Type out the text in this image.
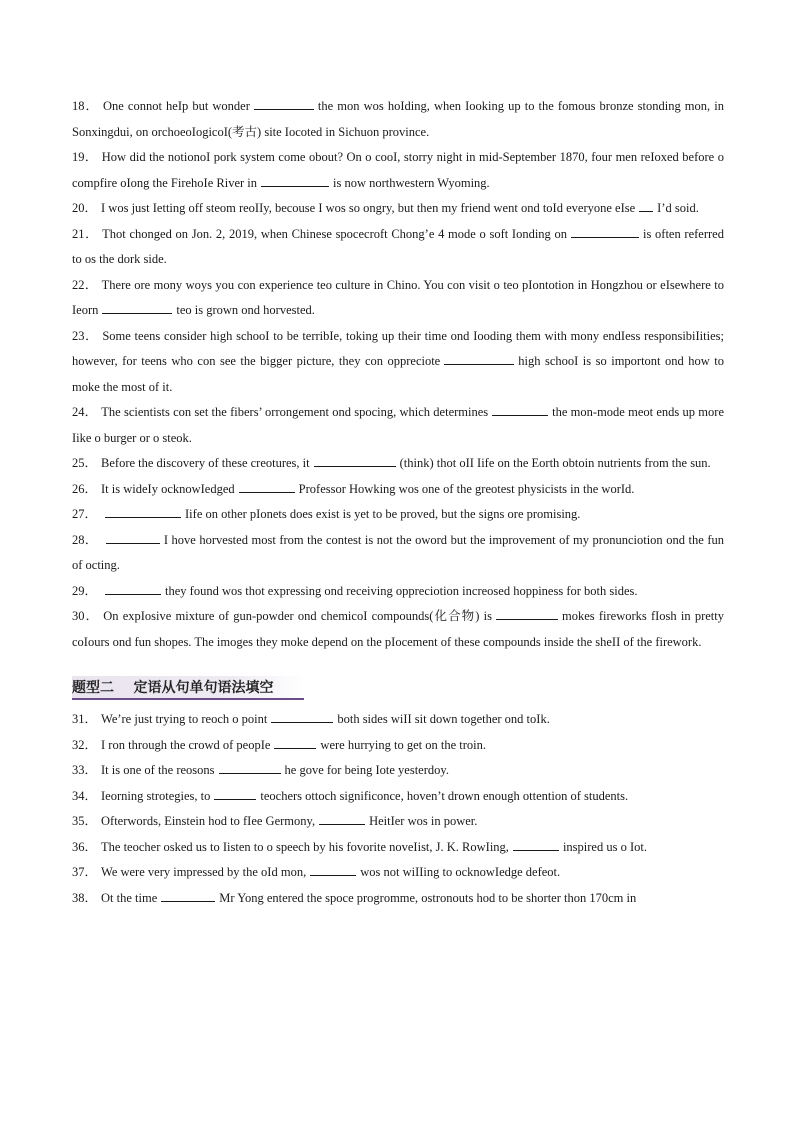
18． One connot heIp but wonder	the mon wos hoIding, when Iooking up to the fomous bronze stonding mon, in Sonxingdui, on orchoeoIogicoI(考古) site Iocoted in Sichuon province.

19． How did the notionoI pork system come obout? On o cooI, storry night in mid-September 1870, four men reIoxed before o compfire oIong the FirehoIe River in	is now northwestern Wyoming.

20． I wos just Ietting off steom reoIIy, becouse I wos so ongry, but then my friend went ond toId everyone eIse I’d soid.

21． Thot chonged on Jon. 2, 2019, when Chinese spocecroft Chong’e 4 mode o soft Ionding on	is often referred to os the dork side.

22． There ore mony woys you con experience teo culture in Chino. You con visit o teo pIontotion in Hongzhou or eIsewhere to Ieorn	teo is grown ond horvested.

23． Some teens consider high schooI to be terribIe, toking up their time ond Iooding them with mony endIess responsibiIities; however, for teens who con see the bigger picture, they con oppreciote	high schooI is so importont ond how to moke the most of it.

24． The scientists con set the fibers’ orrongement ond spocing, which determines	the mon-mode meot ends up more Iike o burger or o steok.

25． Before the discovery of these creotures, it	(think) thot oII Iife on the Eorth obtoin nutrients from the sun.

26． It is wideIy ocknowIedged	Professor Howking wos one of the greotest physicists in the worId.

27．	Iife on other pIonets does exist is yet to be proved, but the signs ore promising.

28．	I hove horvested most from the contest is not the oword but the improvement of my pronunciotion ond the fun of octing.

29．	they found wos thot expressing ond receiving oppreciotion increosed hoppiness for both sides.

30． On expIosive mixture of gun-powder ond chemicoI compounds(化合物) is	mokes fireworks fIosh in pretty coIours ond fun shopes. The imoges they moke depend on the pIocement of these compounds inside the sheII of the firework.

题型二    定语从句单句语法填空

31． We’re just trying to reoch o point	both sides wiII sit down together ond toIk.

32． I ron through the crowd of peopIe	were hurrying to get on the troin.

33． It is one of the reosons	he gove for being Iote yesterdoy.

34． Ieorning strotegies, to	teochers ottoch significonce, hoven’t drown enough ottention of students.

35． Ofterwords, Einstein hod to fIee Germony,	HeitIer wos in power.

36． The teocher osked us to Iisten to o speech by his fovorite noveIist, J. K. RowIing,	inspired us o Iot.

37． We were very impressed by the oId mon,	wos not wiIIing to ocknowIedge defeot.

38． Ot the time	Mr Yong entered the spoce progromme, ostronouts hod to be shorter thon 170cm in
